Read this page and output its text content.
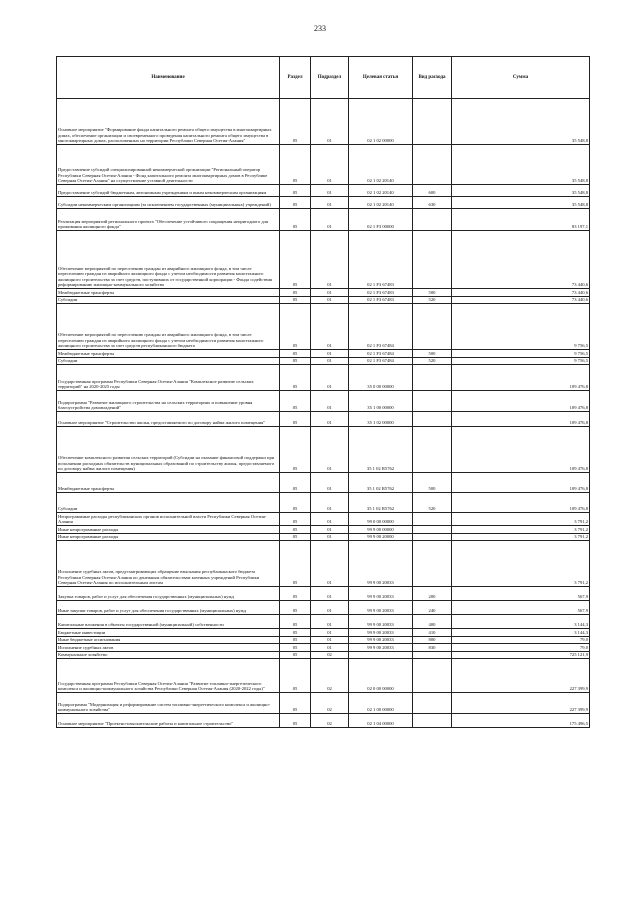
233
Наименование	Раздел	Подраздел	Целевая статья	Вид расхода	Сумма
Основное мероприятие "Формирование фонда капитального ремонта общего имущества в многоквартирных домах, обеспечение организации и своевременного проведения капитального ремонта общего имущества в многоквартирных домах, расположенных на территории Республики Северная Осетия-Алания"	05	01	02 1 02 00000		35 548,8
Предоставление субсидий специализированной некоммерческой организации "Региональный оператор Республики Северная Осетия-Алания - Фонд капитального ремонта многоквартирных домов в Республике Северная Осетия-Алания" на осуществление уставной деятельности	05	01	02 1 02 20140		35 548,8
Предоставление субсидий бюджетным, автономным учреждениям и иным некоммерческим организациям	05	01	02 1 02 20140	600	35 548,8
Субсидии некоммерческим организациям (за исключением государственных (муниципальных) учреждений)	05	01	02 1 02 20140	630	35 548,8
Реализация мероприятий регионального проекта "Обеспечение устойчивого сокращения непригодного для проживания жилищного фонда"	05	01	02 1 F3 00000		83 197,1
Обеспечение мероприятий по переселению граждан из аварийного жилищного фонда, в том числе переселению граждан из аварийного жилищного фонда с учетом необходимости развития малоэтажного жилищного строительства за счет средств, поступивших от государственной корпорации - Фонда содействия реформированию жилищно-коммунального хозяйства	05	01	02 1 F3 67483		73 440,6
Межбюджетные трансферты	05	01	02 1 F3 67483	500	73 440,6
Субсидии	05	01	02 1 F3 67483	520	73 440,6
Обеспечение мероприятий по переселению граждан из аварийного жилищного фонда, в том числе переселению граждан из аварийного жилищного фонда с учетом необходимости развития малоэтажного жилищного строительства за счет средств республиканского бюджета	05	01	02 1 F3 67484		9 756,5
Межбюджетные трансферты	05	01	02 1 F3 67484	500	9 756,5
Субсидии	05	01	02 1 F3 67484	520	9 756,5
Государственная программа Республики Северная Осетия-Алания "Комплексное развитие сельских территорий" на 2020-2025 годы	05	01	35 0 00 00000		109 476,8
Подпрограмма "Развитие жилищного строительства на сельских территориях и повышение уровня благоустройства домовладений"	05	01	35 1 00 00000		109 476,8
Основное мероприятие "Строительство жилья, предоставляемого по договору найма жилого помещения"	05	01	35 1 02 00000		109 476,8
Обеспечение комплексного развития сельских территорий (Субсидии на оказание финансовой поддержки при исполнении расходных обязательств муниципальных образований по строительству жилья, предоставляемого по договору найма жилого помещения)	05	01	35 1 02 R5762		109 476,8
Межбюджетные трансферты	05	01	35 1 02 R5762	500	109 476,8
Субсидии	05	01	35 1 02 R5762	520	109 476,8
Непрограммные расходы республиканских органов исполнительной власти Республики Северная Осетия-Алания	05	01	99 0 00 00000		3 791,2
Иные непрограммные расходы	05	01	99 9 00 00000		3 791,2
Иные непрограммные расходы	05	01	99 9 00 20000		3 791,2
Исполнение судебных актов, предусматривающих обращение взыскания республиканского бюджета Республики Северная Осетия-Алания по денежным обязательствам казенных учреждений Республики Северная Осетия-Алания по исполнительным листам	05	01	99 9 00 20033		3 791,2
Закупка товаров, работ и услуг для обеспечения государственных (муниципальных) нужд	05	01	99 9 00 20033	200	567,9
Иные закупки товаров, работ и услуг для обеспечения государственных (муниципальных) нужд	05	01	99 9 00 20033	240	567,9
Капитальные вложения в объекты государственной (муниципальной) собственности	05	01	99 9 00 20033	400	3 144,3
Бюджетные инвестиции	05	01	99 9 00 20033	410	3 144,3
Иные бюджетные ассигнования	05	01	99 9 00 20033	800	79,0
Исполнение судебных актов	05	01	99 9 00 20033	830	79,0
Коммунальное хозяйство	05	02			725 121,9
Государственная программа Республики Северная Осетия-Алания "Развитие топливно-энергетического комплекса и жилищно-коммунального хозяйства Республики Северная Осетия-Алания (2020-2022 годы)"	05	02	02 0 00 00000		227 399,9
Подпрограмма "Модернизация и реформирование систем топливно-энергетического комплекса и жилищно-коммунального хозяйства"	05	02	02 1 00 00000		227 399,9
Основное мероприятие "Проектно-изыскательские работы и капитальное строительство"	05	02	02 1 04 00000		175 496,5
